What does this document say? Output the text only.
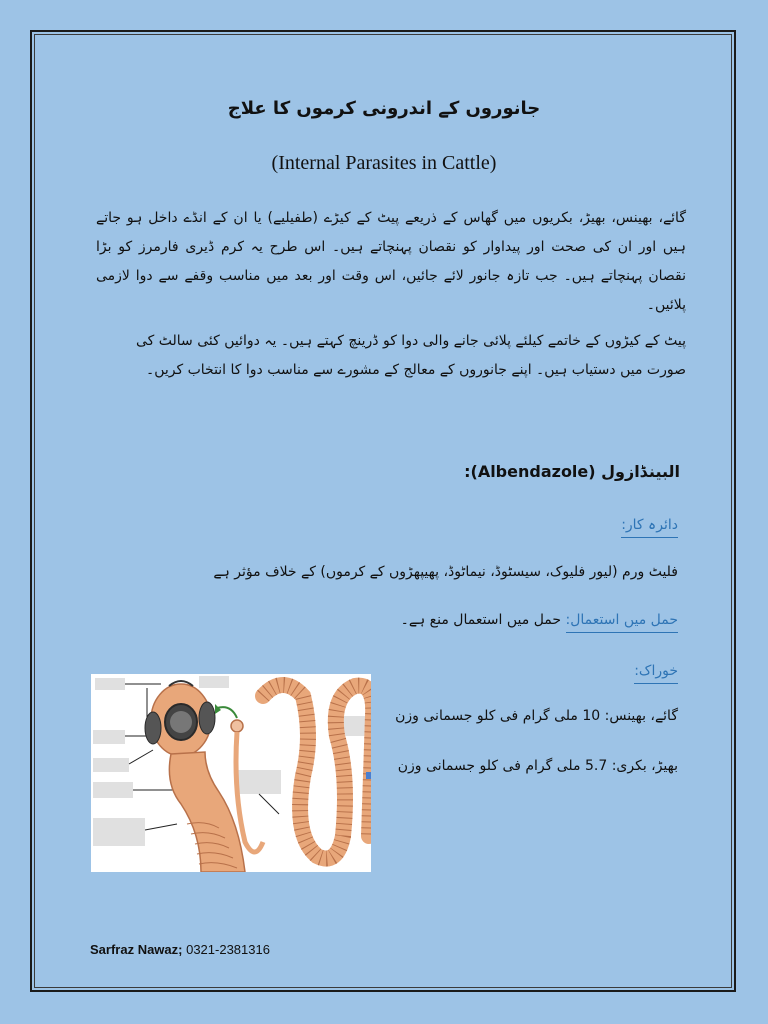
جانوروں کے اندرونی کرموں کا علاج
(Internal Parasites in Cattle)
گائے، بھینس، بھیڑ، بکریوں میں گھاس کے ذریعے پیٹ کے کیڑے (طفیلیے) یا ان کے انڈے داخل ہو جاتے ہیں اور ان کی صحت اور پیداوار کو نقصان پہنچاتے ہیں۔ اس طرح یہ کرم ڈیری فارمرز کو بڑا نقصان پہنچاتے ہیں۔ جب تازہ جانور لائے جائیں، اس وقت اور بعد میں مناسب وقفے سے دوا لازمی پلائیں۔
پیٹ کے کیڑوں کے خاتمے کیلئے پلائی جانے والی دوا کو ڈرینچ کہتے ہیں۔ یہ دوائیں کئی سالٹ کی صورت میں دستیاب ہیں۔ اپنے جانوروں کے معالج کے مشورے سے مناسب دوا کا انتخاب کریں۔
البینڈازول (Albendazole):
دائرہ کار:
فلیٹ ورم (لیور فلیوک، سیسٹوڈ، نیماٹوڈ، پھیپھڑوں کے کرموں) کے خلاف مؤثر ہے
حمل میں استعمال: حمل میں استعمال منع ہے۔
خوراک:
گائے، بھینس: 10 ملی گرام فی کلو جسمانی وزن
بھیڑ، بکری: 5.7 ملی گرام فی کلو جسمانی وزن
Sarfraz Nawaz; 0321-2381316
